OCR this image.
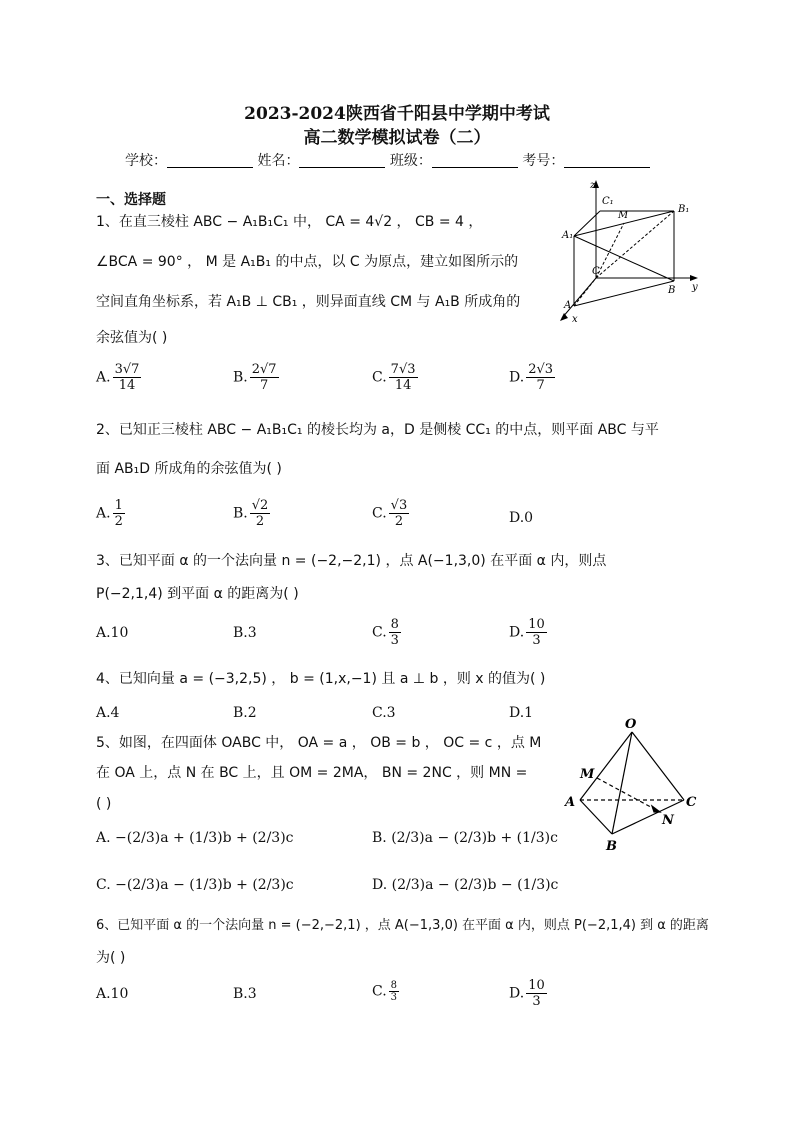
2023-2024陕西省千阳县中学期中考试
高二数学模拟试卷（二）
学校：	姓名：	班级：	考号：
一、选择题
1、在直三棱柱 ABC − A₁B₁C₁ 中， CA = 4√2 ， CB = 4 ，
∠BCA = 90° ， M 是 A₁B₁ 的中点，以 C 为原点，建立如图所示的
空间直角坐标系，若 A₁B ⊥ CB₁ ，则异面直线 CM 与 A₁B 所成角的
余弦值为( )
A. $\frac{3√7}{14}$	B. $\frac{2√7}{7}$	C. $\frac{7√3}{14}$	D. $\frac{2√3}{7}$
z
y
x
C₁
M
B₁
A₁
C
B
A
2、已知正三棱柱 ABC − A₁B₁C₁ 的棱长均为 a，D 是侧棱 CC₁ 的中点，则平面 ABC 与平
面 AB₁D 所成角的余弦值为( )
A. $\frac{1}{2}$	B. $\frac{√2}{2}$	C. $\frac{√3}{2}$	D.0
3、已知平面 α 的一个法向量 n = (−2,−2,1) ，点 A(−1,3,0) 在平面 α 内，则点
P(−2,1,4) 到平面 α 的距离为( )
A.10	B.3	C. $\frac{8}{3}$	D. $\frac{10}{3}$
4、已知向量 a = (−3,2,5) ， b = (1,x,−1) 且 a ⊥ b ，则 x 的值为( )
A.4	B.2	C.3	D.1
5、如图，在四面体 OABC 中， OA = a ， OB = b ， OC = c ，点 M
在 OA 上，点 N 在 BC 上，且 OM = 2MA， BN = 2NC ，则 MN =
( )
A. −(2/3)a + (1/3)b + (2/3)c	B. (2/3)a − (2/3)b + (1/3)c
C. −(2/3)a − (1/3)b + (2/3)c	D. (2/3)a − (2/3)b − (1/3)c
O
M
A	C
N
B
6、已知平面 α 的一个法向量 n = (−2,−2,1) ，点 A(−1,3,0) 在平面 α 内，则点 P(−2,1,4) 到 α 的距离
为( )
A.10	B.3	C. $\frac{8}{3}$	D. $\frac{10}{3}$
